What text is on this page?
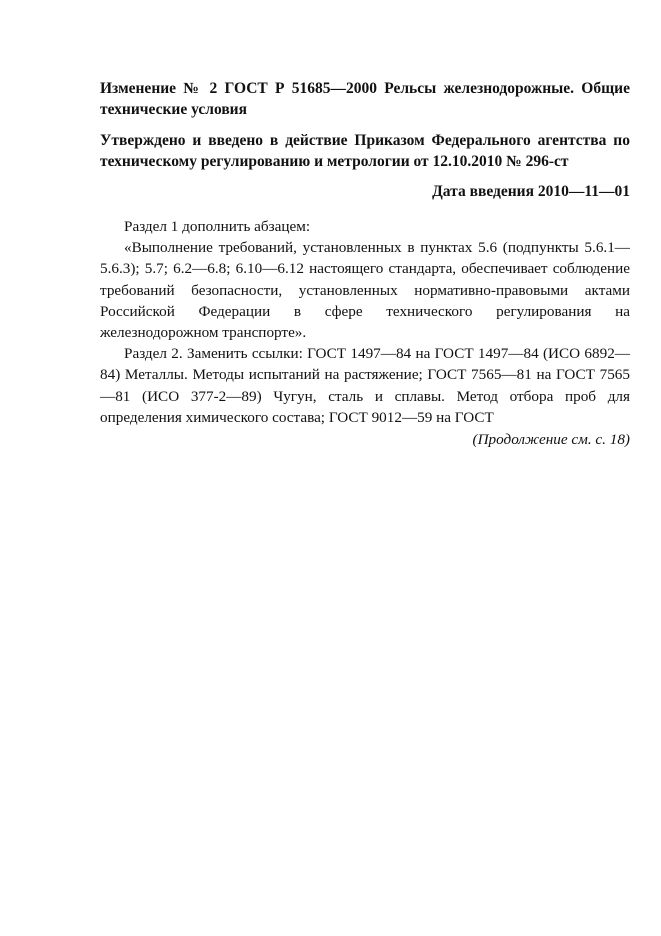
Изменение № 2 ГОСТ Р 51685—2000 Рельсы железнодорожные. Общие технические условия

Утверждено и введено в действие Приказом Федерального агентства по техническому регулированию и метрологии от 12.10.2010 № 296-ст

Дата введения 2010—11—01

Раздел 1 дополнить абзацем:

«Выполнение требований, установленных в пунктах 5.6 (подпункты 5.6.1—5.6.3); 5.7; 6.2—6.8; 6.10—6.12 настоящего стандарта, обеспечивает соблюдение требований безопасности, установленных нормативно-правовыми актами Российской Федерации в сфере технического регулирования на железнодорожном транспорте».

Раздел 2. Заменить ссылки: ГОСТ 1497—84 на ГОСТ 1497—84 (ИСО 6892—84) Металлы. Методы испытаний на растяжение; ГОСТ 7565—81 на ГОСТ 7565—81 (ИСО 377-2—89) Чугун, сталь и сплавы. Метод отбора проб для определения химического состава; ГОСТ 9012—59 на ГОСТ

(Продолжение см. с. 18)
